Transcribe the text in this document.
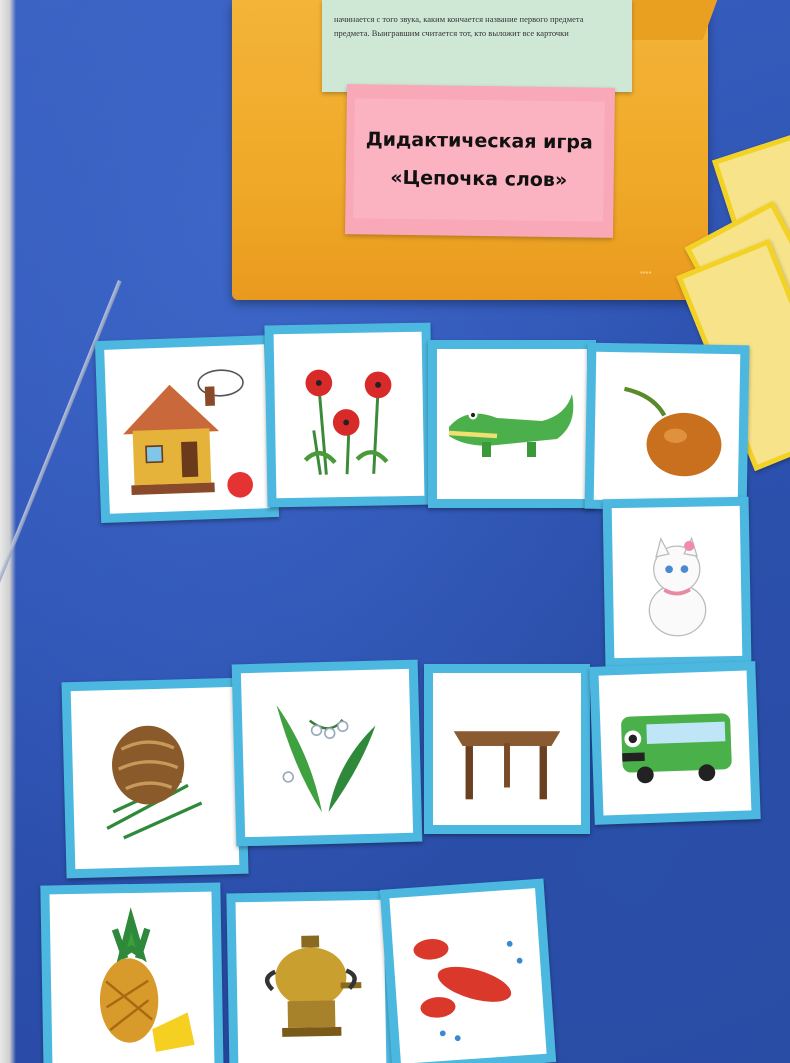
▪▪▪▪
начинается с того звука, каким кончается название первого предмета
предмета. Выигравшим считается тот, кто выложит все карточки
Дидактическая игра
«Цепочка слов»
